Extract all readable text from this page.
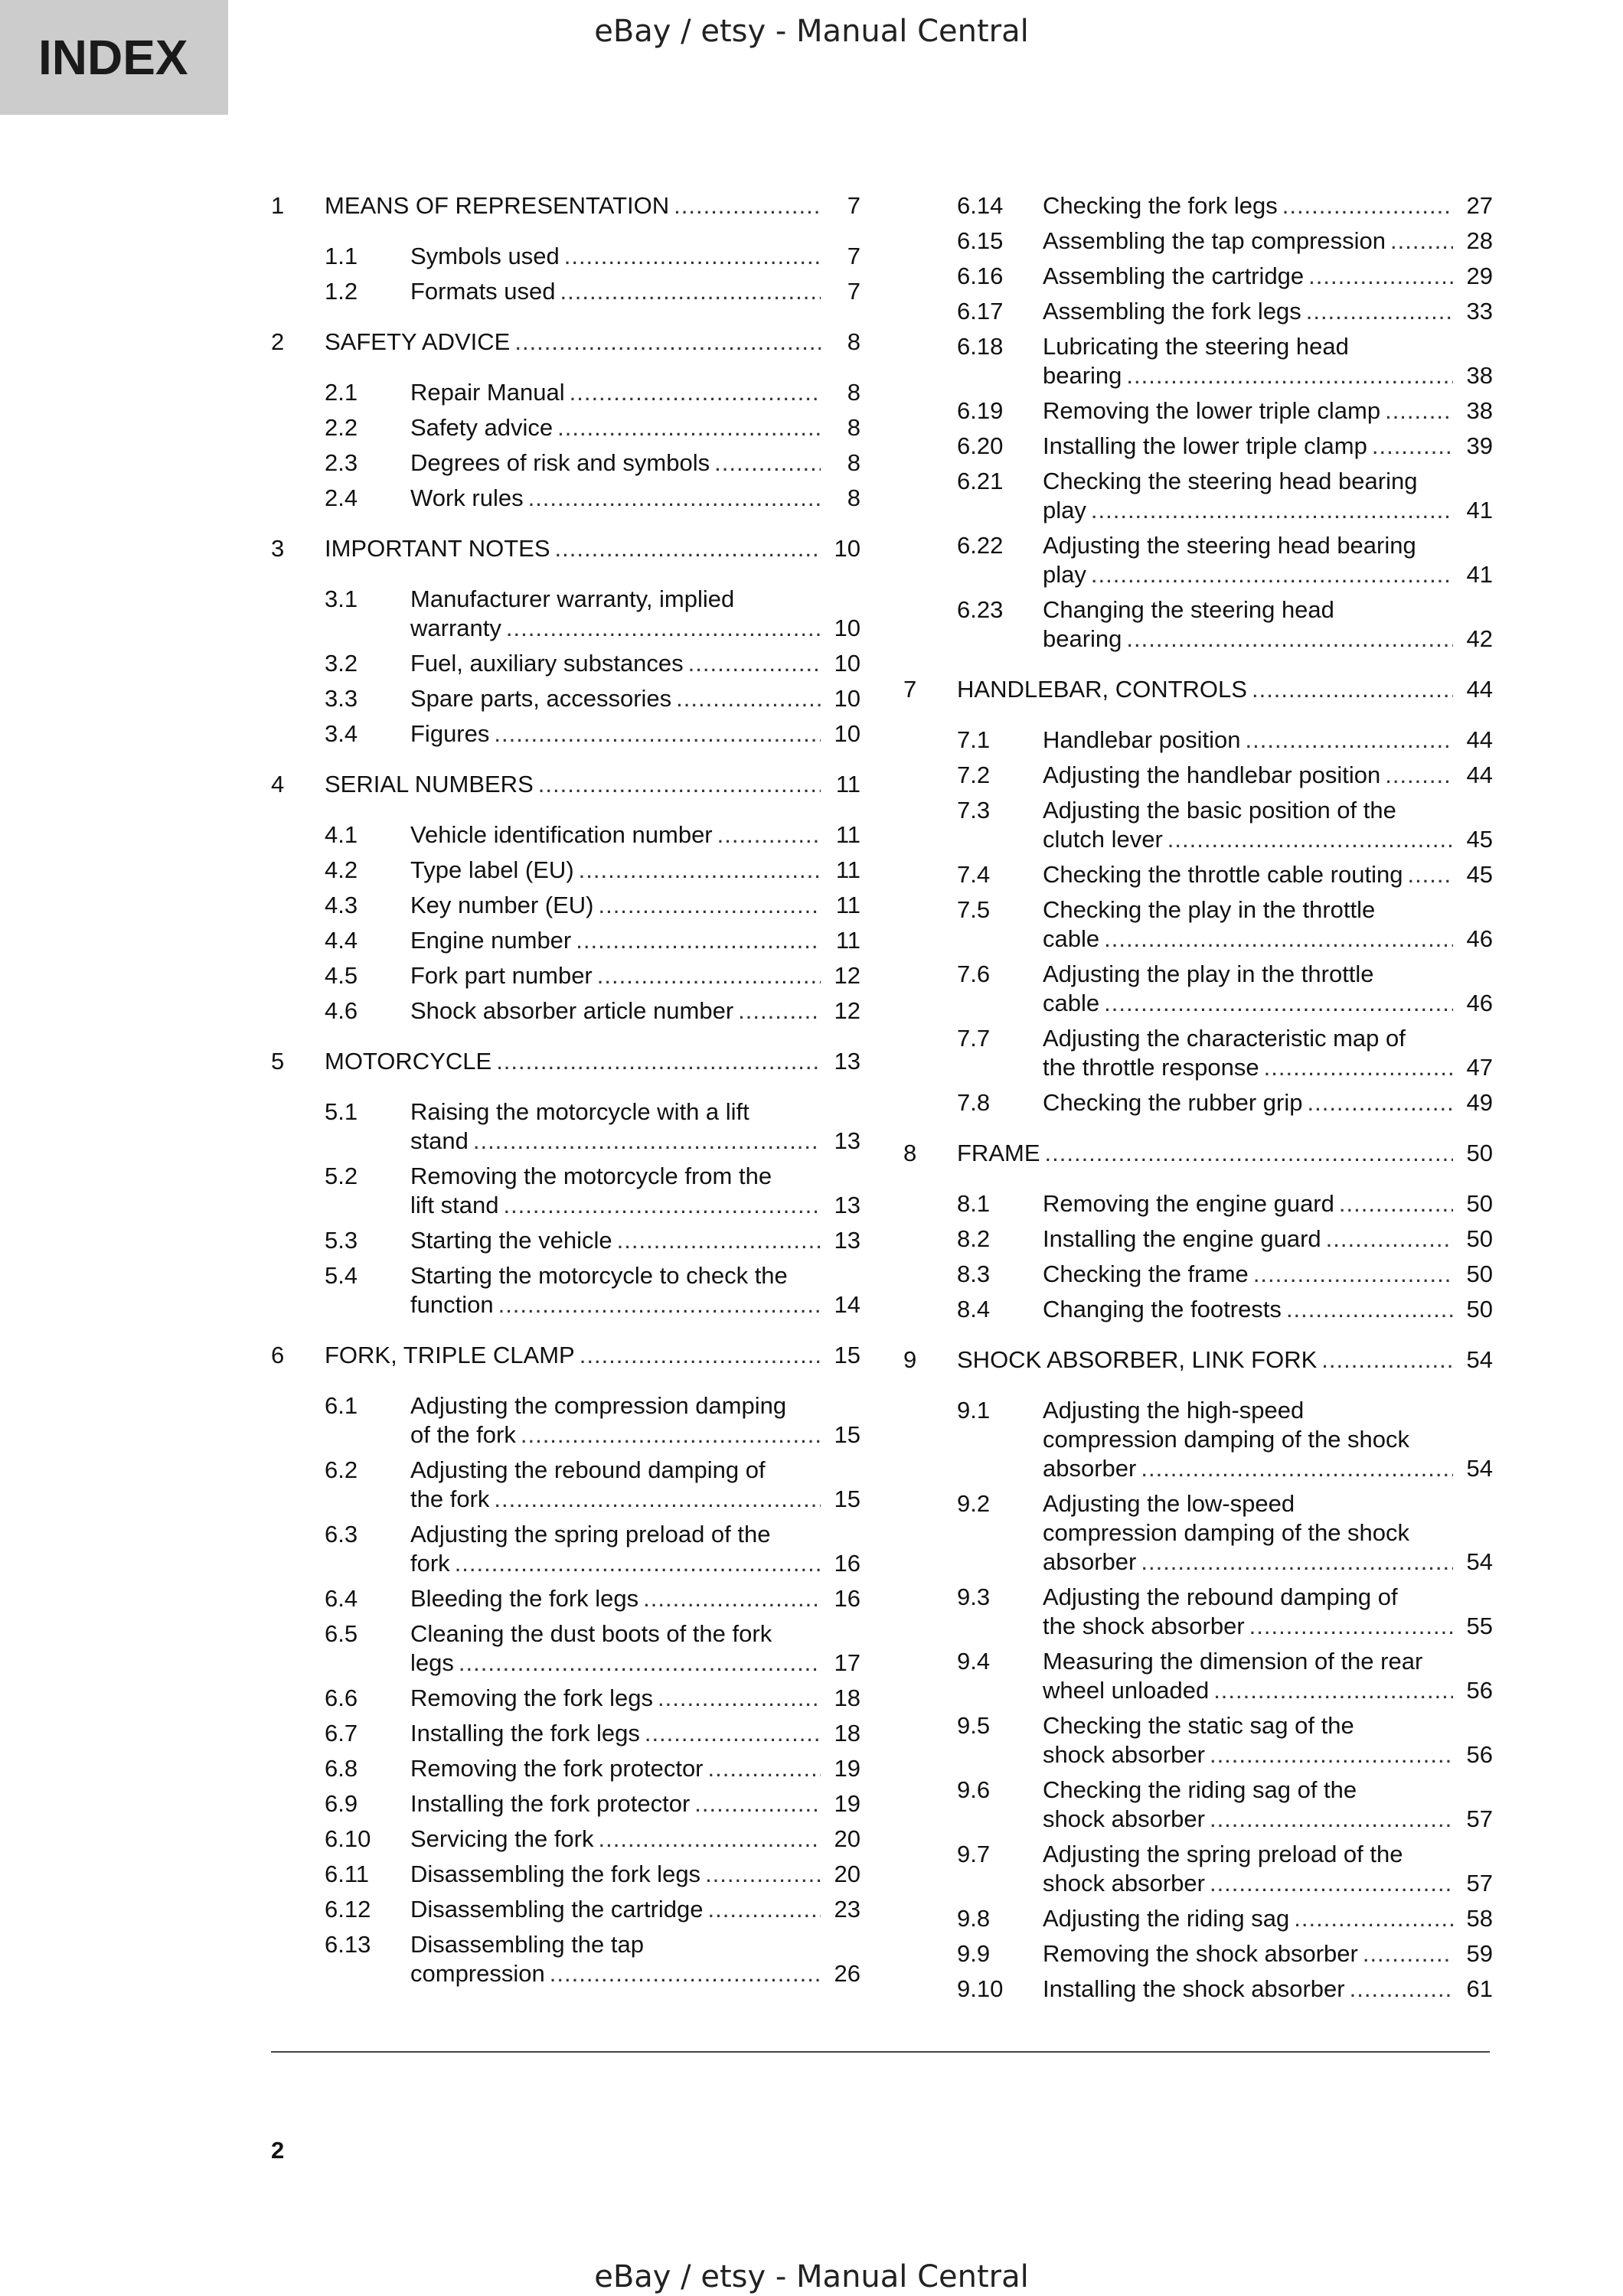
INDEX	eBay / etsy - Manual Central
1	MEANS OF REPRESENTATION .....	7
1.1	Symbols used .....	7
1.2	Formats used .....	7
2	SAFETY ADVICE .....	8
2.1	Repair Manual .....	8
2.2	Safety advice .....	8
2.3	Degrees of risk and symbols .....	8
2.4	Work rules .....	8
3	IMPORTANT NOTES .....	10
3.1	Manufacturer warranty, implied
warranty .....	10
3.2	Fuel, auxiliary substances .....	10
3.3	Spare parts, accessories .....	10
3.4	Figures .....	10
4	SERIAL NUMBERS .....	11
4.1	Vehicle identification number .....	11
4.2	Type label (EU) .....	11
4.3	Key number (EU) .....	11
4.4	Engine number .....	11
4.5	Fork part number .....	12
4.6	Shock absorber article number .....	12
5	MOTORCYCLE .....	13
5.1	Raising the motorcycle with a lift
stand .....	13
5.2	Removing the motorcycle from the
lift stand .....	13
5.3	Starting the vehicle .....	13
5.4	Starting the motorcycle to check the
function .....	14
6	FORK, TRIPLE CLAMP .....	15
6.1	Adjusting the compression damping
of the fork .....	15
6.2	Adjusting the rebound damping of
the fork .....	15
6.3	Adjusting the spring preload of the
fork .....	16
6.4	Bleeding the fork legs .....	16
6.5	Cleaning the dust boots of the fork
legs .....	17
6.6	Removing the fork legs .....	18
6.7	Installing the fork legs .....	18
6.8	Removing the fork protector .....	19
6.9	Installing the fork protector .....	19
6.10	Servicing the fork .....	20
6.11	Disassembling the fork legs .....	20
6.12	Disassembling the cartridge .....	23
6.13	Disassembling the tap
compression .....	26
6.14	Checking the fork legs .....	27
6.15	Assembling the tap compression .....	28
6.16	Assembling the cartridge .....	29
6.17	Assembling the fork legs .....	33
6.18	Lubricating the steering head
bearing .....	38
6.19	Removing the lower triple clamp .....	38
6.20	Installing the lower triple clamp .....	39
6.21	Checking the steering head bearing
play .....	41
6.22	Adjusting the steering head bearing
play .....	41
6.23	Changing the steering head
bearing .....	42
7	HANDLEBAR, CONTROLS .....	44
7.1	Handlebar position .....	44
7.2	Adjusting the handlebar position .....	44
7.3	Adjusting the basic position of the
clutch lever .....	45
7.4	Checking the throttle cable routing .....	45
7.5	Checking the play in the throttle
cable .....	46
7.6	Adjusting the play in the throttle
cable .....	46
7.7	Adjusting the characteristic map of
the throttle response .....	47
7.8	Checking the rubber grip .....	49
8	FRAME .....	50
8.1	Removing the engine guard .....	50
8.2	Installing the engine guard .....	50
8.3	Checking the frame .....	50
8.4	Changing the footrests .....	50
9	SHOCK ABSORBER, LINK FORK .....	54
9.1	Adjusting the high-speed
compression damping of the shock
absorber .....	54
9.2	Adjusting the low-speed
compression damping of the shock
absorber .....	54
9.3	Adjusting the rebound damping of
the shock absorber .....	55
9.4	Measuring the dimension of the rear
wheel unloaded .....	56
9.5	Checking the static sag of the
shock absorber .....	56
9.6	Checking the riding sag of the
shock absorber .....	57
9.7	Adjusting the spring preload of the
shock absorber .....	57
9.8	Adjusting the riding sag .....	58
9.9	Removing the shock absorber .....	59
9.10	Installing the shock absorber .....	61
2
eBay / etsy - Manual Central
